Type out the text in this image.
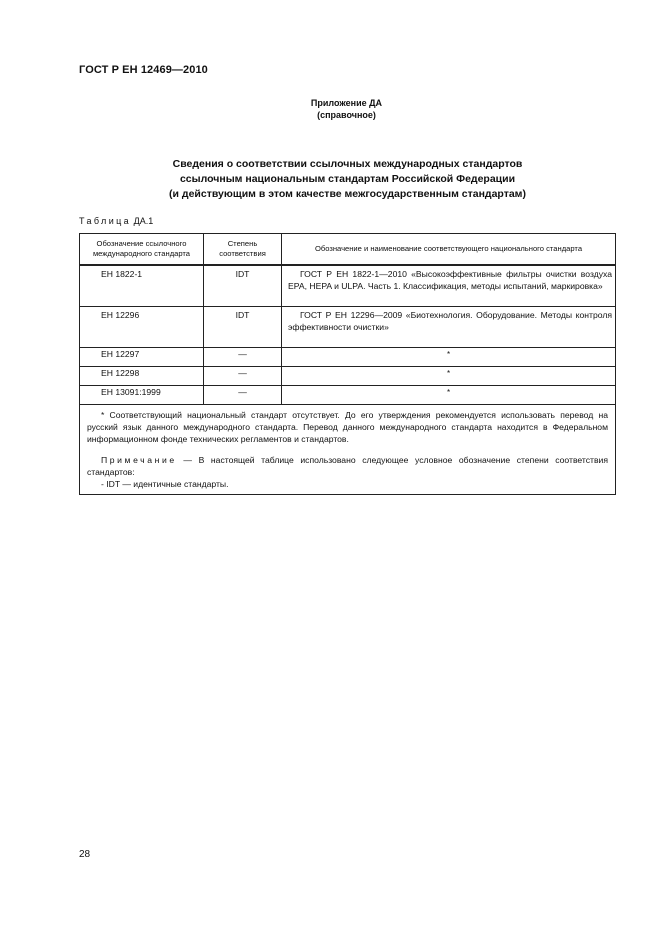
ГОСТ Р ЕН 12469—2010
Приложение ДА
(справочное)
Сведения о соответствии ссылочных международных стандартов
ссылочным национальным стандартам Российской Федерации
(и действующим в этом качестве межгосударственным стандартам)
Таблица ДА.1
Обозначение ссылочного международного стандарта	Степень соответствия	Обозначение и наименование соответствующего национального стандарта
ЕН 1822-1	IDT	ГОСТ Р ЕН 1822-1—2010 «Высокоэффективные фильтры очистки воздуха ЕРА, HEPA и ULPA. Часть 1. Классификация, методы испытаний, маркировка»
ЕН 12296	IDT	ГОСТ Р ЕН 12296—2009 «Биотехнология. Оборудование. Методы контроля эффективности очистки»
ЕН 12297	—	*
ЕН 12298	—	*
ЕН 13091:1999	—	*

* Соответствующий национальный стандарт отсутствует. До его утверждения рекомендуется использовать перевод на русский язык данного международного стандарта. Перевод данного международного стандарта находится в Федеральном информационном фонде технических регламентов и стандартов.

Примечание — В настоящей таблице использовано следующее условное обозначение степени соответствия стандартов:

- IDT — идентичные стандарты.		

28
